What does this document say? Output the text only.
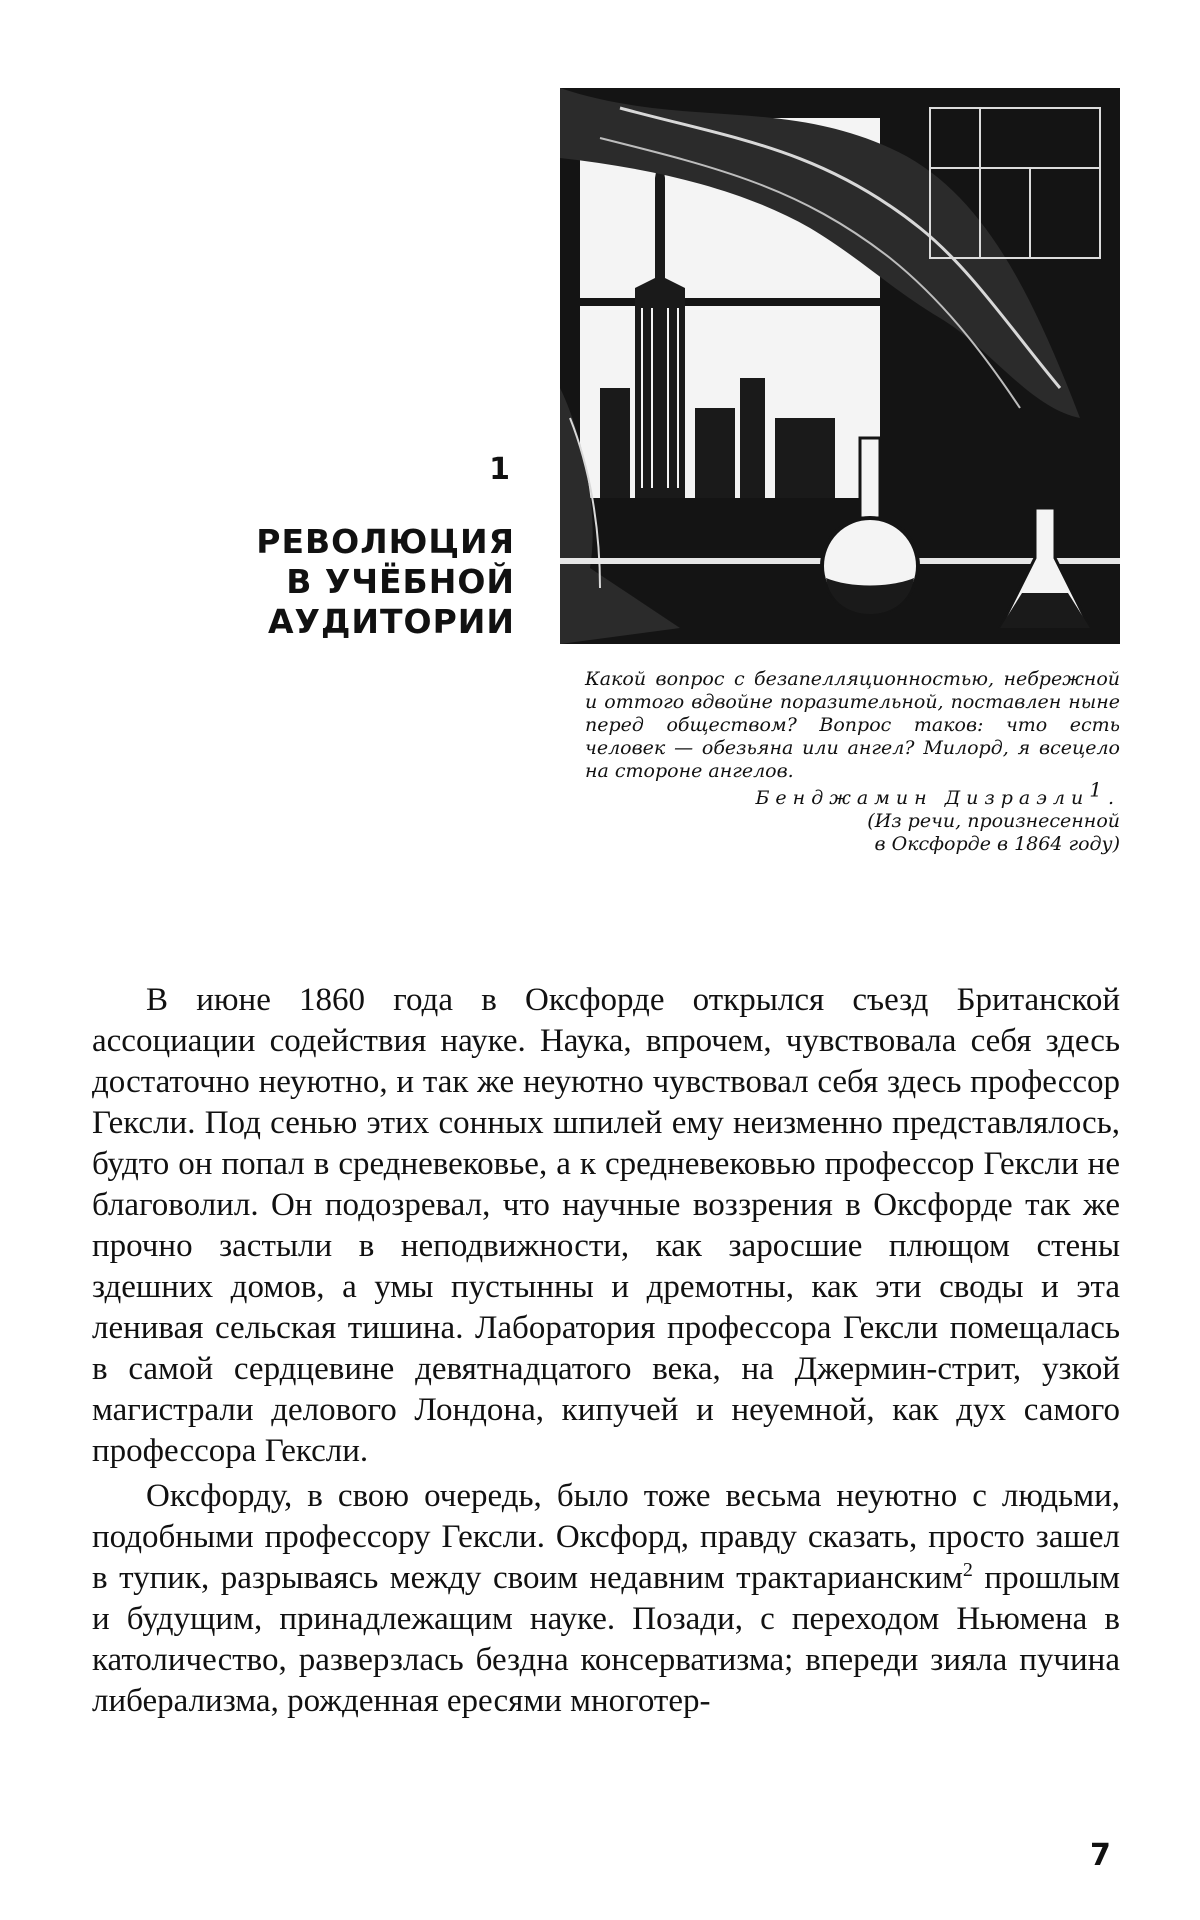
1
РЕВОЛЮЦИЯ
В УЧЁБНОЙ
АУДИТОРИИ
Какой вопрос с безапелляционностью, небрежной и оттого вдвойне поразительной, поставлен ныне перед обществом? Вопрос таков: что есть человек — обезьяна или ангел? Милорд, я всецело на стороне ангелов.
Бенджамин Дизраэли1.
(Из речи, произнесенной
в Оксфорде в 1864 году)

В июне 1860 года в Оксфорде открылся съезд Британской ассоциации содействия науке. Наука, впрочем, чувствовала себя здесь достаточно неуютно, и так же неуютно чувствовал себя здесь профессор Гексли. Под сенью этих сонных шпилей ему неизменно представлялось, будто он попал в средневековье, а к средневековью профессор Гексли не благоволил. Он подозревал, что научные воззрения в Оксфорде так же прочно застыли в неподвижности, как заросшие плющом стены здешних домов, а умы пустынны и дремотны, как эти своды и эта ленивая сельская тишина. Лаборатория профессора Гексли помещалась в самой сердцевине девятнадцатого века, на Джермин-стрит, узкой магистрали делового Лондона, кипучей и неуемной, как дух самого профессора Гексли.

Оксфорду, в свою очередь, было тоже весьма неуютно с людьми, подобными профессору Гексли. Оксфорд, правду сказать, просто зашел в тупик, разрываясь между своим недавним трактарианским$^2$ прошлым и будущим, принадлежащим науке. Позади, с переходом Ньюмена в католичество, разверзлась бездна консерватизма; впереди зияла пучина либерализма, рожденная ересями многотер-

7
